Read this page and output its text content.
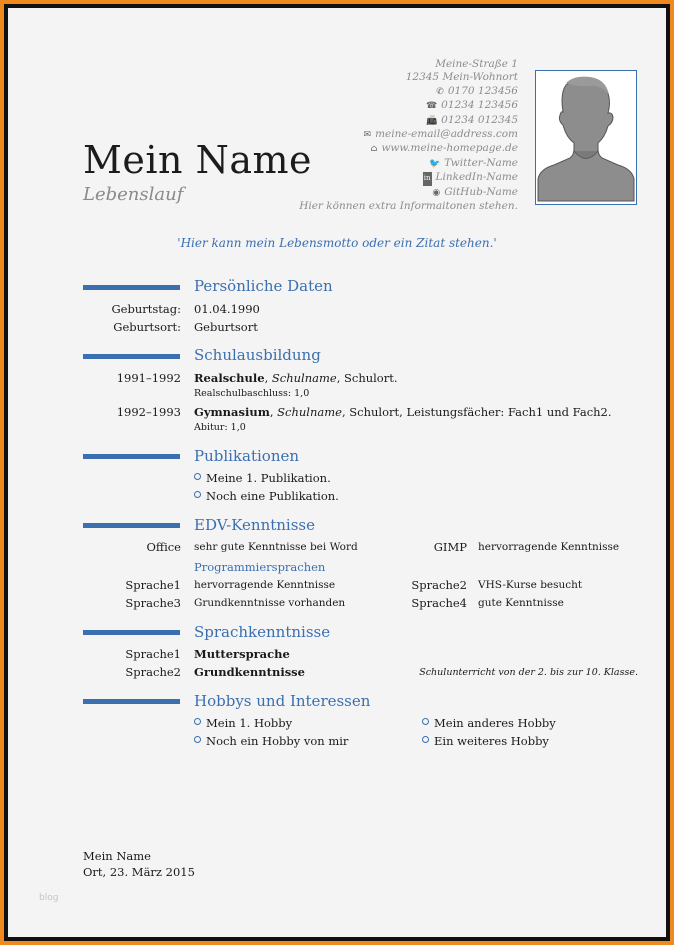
Mein Name
Lebenslauf
Meine-Straße 1
12345 Mein-Wohnort
✆ 0170 123456
☎ 01234 123456
📠 01234 012345
✉ meine-email@address.com
⌂ www.meine-homepage.de
🐦 Twitter-Name
in LinkedIn-Name
◉ GitHub-Name
Hier können extra Informaitonen stehen.
'Hier kann mein Lebensmotto oder ein Zitat stehen.'
Persönliche Daten
Geburtstag: 01.04.1990
Geburtsort: Geburtsort
Schulausbildung
1991–1992 Realschule, Schulname, Schulort.
Realschulbaschluss: 1,0
1992–1993 Gymnasium, Schulname, Schulort, Leistungsfächer: Fach1 und Fach2.
Abitur: 1,0
Publikationen
Meine 1. Publikation.
Noch eine Publikation.
EDV-Kenntnisse
Office sehr gute Kenntnisse bei Word	GIMP hervorragende Kenntnisse
Programmiersprachen
Sprache1 hervorragende Kenntnisse	Sprache2 VHS-Kurse besucht
Sprache3 Grundkenntnisse vorhanden	Sprache4 gute Kenntnisse
Sprachkenntnisse
Sprache1 Muttersprache
Sprache2 Grundkenntnisse	Schulunterricht von der 2. bis zur 10. Klasse.
Hobbys und Interessen
Mein 1. Hobby
Noch ein Hobby von mir
Mein anderes Hobby
Ein weiteres Hobby
Mein Name
Ort, 23. März 2015
blog
